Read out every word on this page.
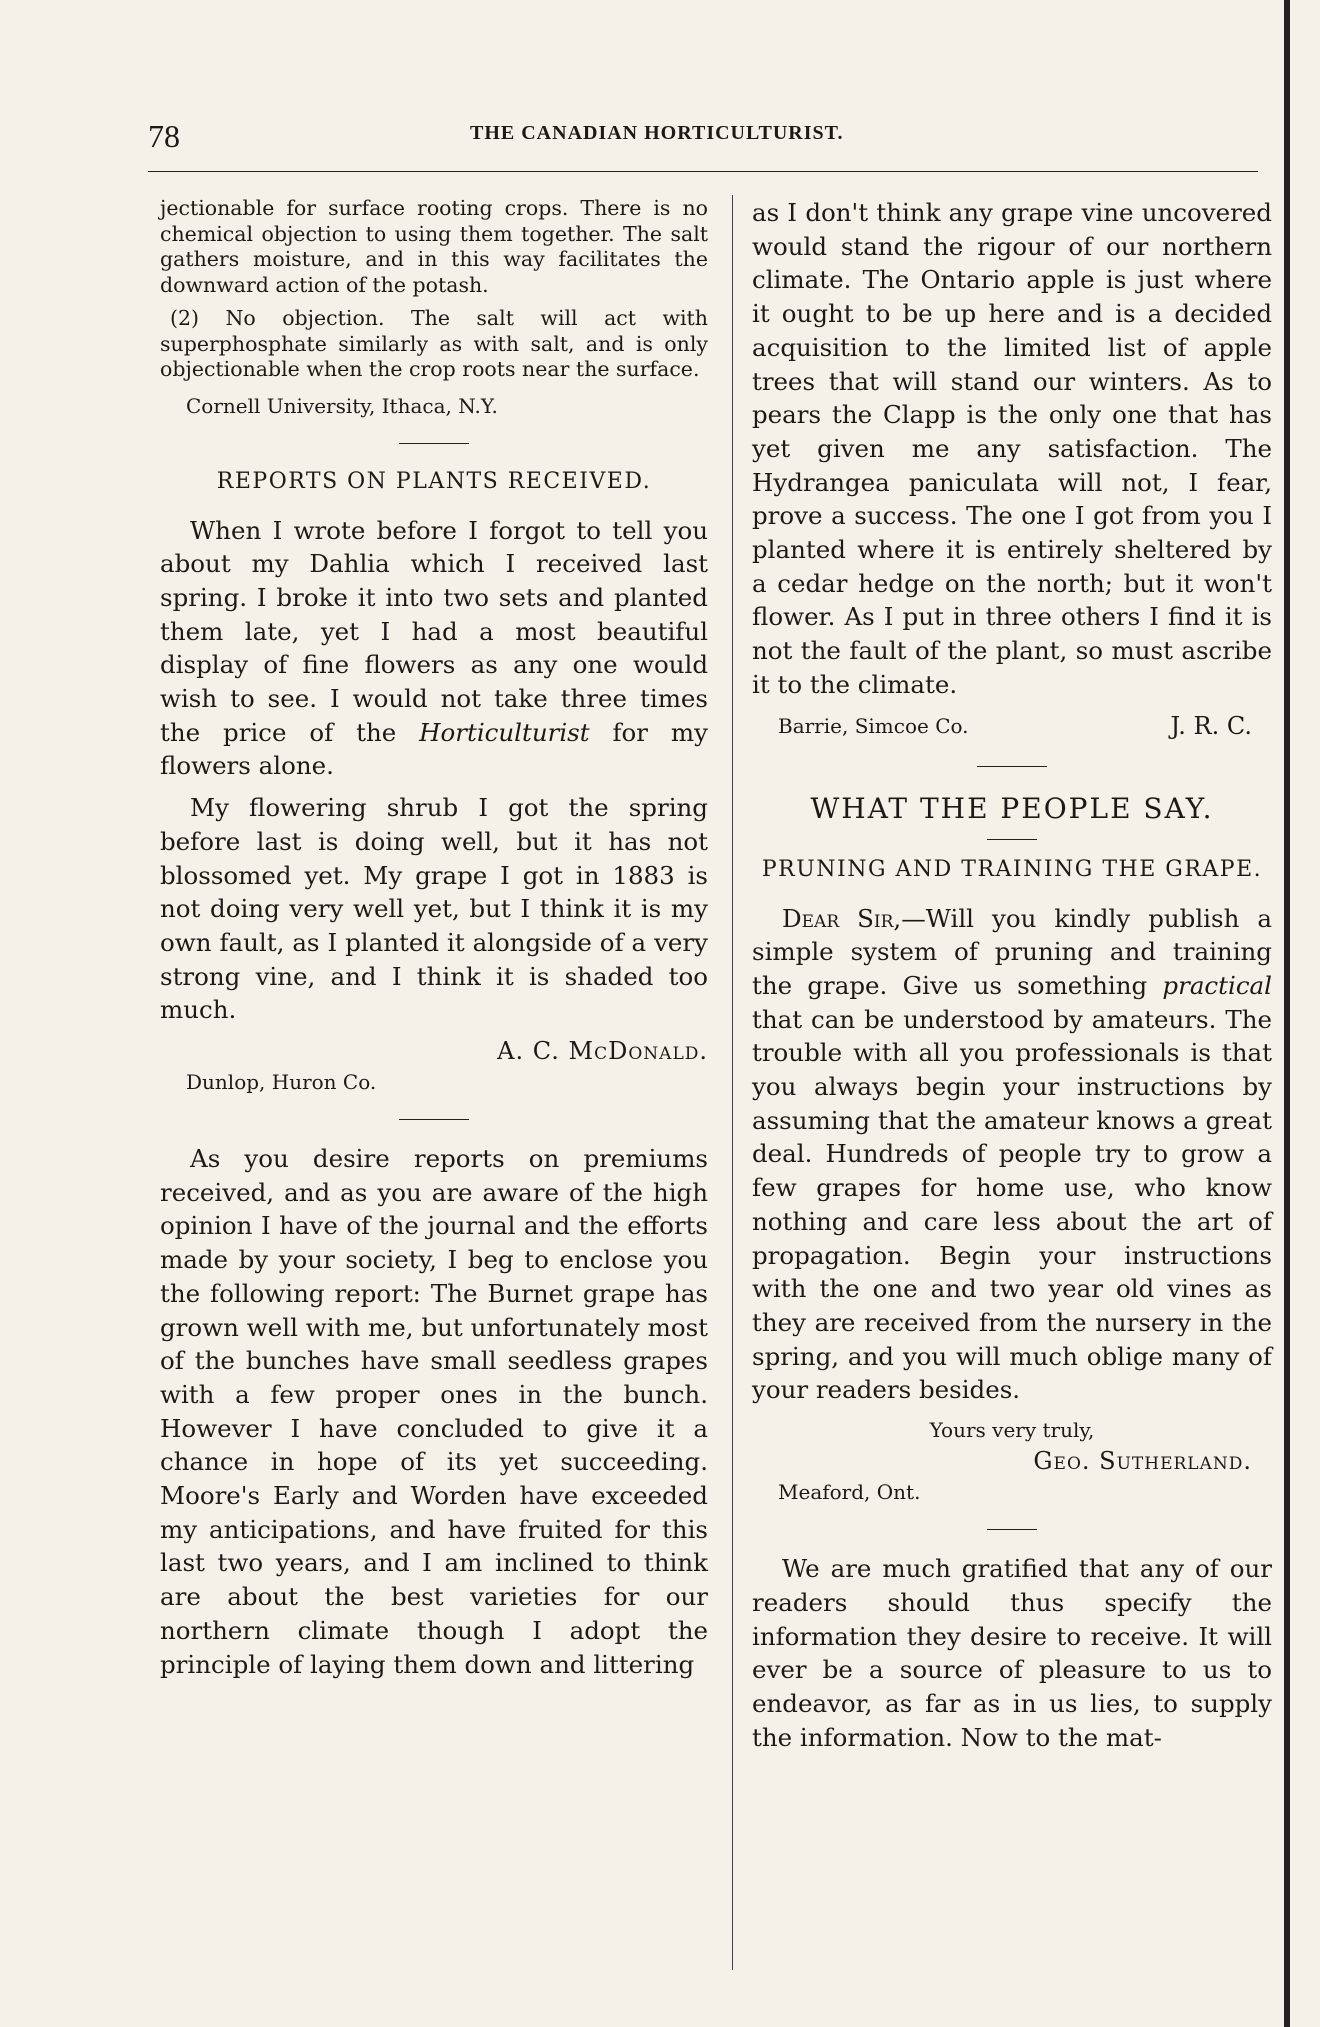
78	THE CANADIAN HORTICULTURIST.

jectionable for surface rooting crops. There is no chemical objection to using them together. The salt gathers moisture, and in this way facilitates the downward action of the potash.

(2) No objection. The salt will act with superphosphate similarly as with salt, and is only objectionable when the crop roots near the surface.

Cornell University, Ithaca, N.Y.

REPORTS ON PLANTS RECEIVED.

When I wrote before I forgot to tell you about my Dahlia which I received last spring. I broke it into two sets and planted them late, yet I had a most beautiful display of fine flowers as any one would wish to see. I would not take three times the price of the Horticulturist for my flowers alone.

My flowering shrub I got the spring before last is doing well, but it has not blossomed yet. My grape I got in 1883 is not doing very well yet, but I think it is my own fault, as I planted it alongside of a very strong vine, and I think it is shaded too much.

A. C. McDonald.

Dunlop, Huron Co.

As you desire reports on premiums received, and as you are aware of the high opinion I have of the journal and the efforts made by your society, I beg to enclose you the following report: The Burnet grape has grown well with me, but unfortunately most of the bunches have small seedless grapes with a few proper ones in the bunch. However I have concluded to give it a chance in hope of its yet succeeding. Moore's Early and Worden have exceeded my anticipations, and have fruited for this last two years, and I am inclined to think are about the best varieties for our northern climate though I adopt the principle of laying them down and littering

as I don't think any grape vine uncovered would stand the rigour of our northern climate. The Ontario apple is just where it ought to be up here and is a decided acquisition to the limited list of apple trees that will stand our winters. As to pears the Clapp is the only one that has yet given me any satisfaction. The Hydrangea paniculata will not, I fear, prove a success. The one I got from you I planted where it is entirely sheltered by a cedar hedge on the north; but it won't flower. As I put in three others I find it is not the fault of the plant, so must ascribe it to the climate.

Barrie, Simcoe Co.	J. R. C.
WHAT THE PEOPLE SAY.
PRUNING AND TRAINING THE GRAPE.

Dear Sir,—Will you kindly publish a simple system of pruning and training the grape. Give us something practical that can be understood by amateurs. The trouble with all you professionals is that you always begin your instructions by assuming that the amateur knows a great deal. Hundreds of people try to grow a few grapes for home use, who know nothing and care less about the art of propagation. Begin your instructions with the one and two year old vines as they are received from the nursery in the spring, and you will much oblige many of your readers besides.

Yours very truly,

Geo. Sutherland.

Meaford, Ont.

We are much gratified that any of our readers should thus specify the information they desire to receive. It will ever be a source of pleasure to us to endeavor, as far as in us lies, to supply the information. Now to the mat-
